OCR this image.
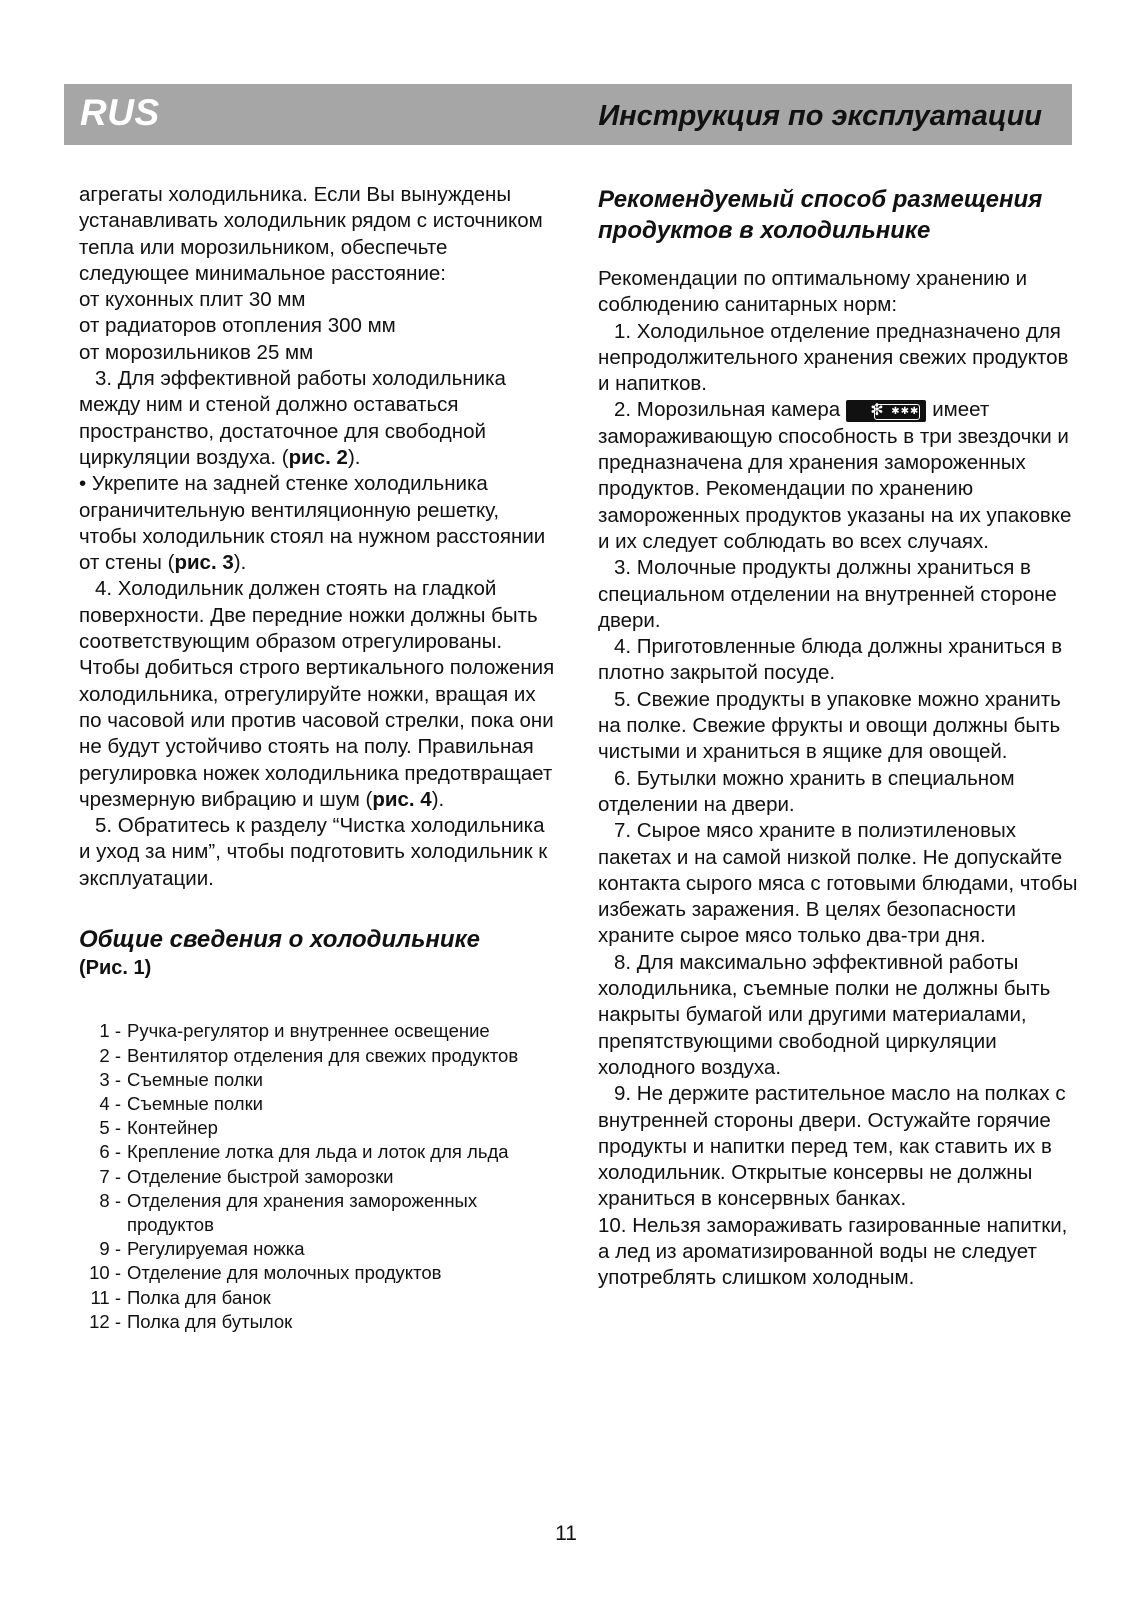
RUS	Инструкция по эксплуатации

агрегаты холодильника. Если Вы вынуждены устанавливать холодильник рядом с источником тепла или морозильником, обеспечьте следующее минимальное расстояние:

от кухонных плит 30 мм

от радиаторов отопления 300 мм

от морозильников 25 мм

3. Для эффективной работы холодильника между ним и стеной должно оставаться пространство, достаточное для свободной циркуляции воздуха. (рис. 2).

• Укрепите на задней стенке холодильника ограничительную вентиляционную решетку, чтобы холодильник стоял на нужном расстоянии от стены (рис. 3).

4. Холодильник должен стоять на гладкой поверхности. Две передние ножки должны быть соответствующим образом отрегулированы. Чтобы добиться строго вертикального положения холодильника, отрегулируйте ножки, вращая их по часовой или против часовой стрелки, пока они не будут устойчиво стоять на полу. Правильная регулировка ножек холодильника предотвращает чрезмерную вибрацию и шум (рис. 4).

5. Обратитесь к разделу “Чистка холодильника и уход за ним”, чтобы подготовить холодильник к эксплуатации.

Общие сведения о холодильнике

(Рис. 1)

1 - Ручка-регулятор и внутреннее освещение
2 - Вентилятор отделения для свежих продуктов
3 - Съемные полки
4 - Съемные полки
5 - Контейнер
6 - Крепление лотка для льда и лоток для льда
7 - Отделение быстрой заморозки
8 - Отделения для хранения замороженных продуктов
9 - Регулируемая ножка
10 - Отделение для молочных продуктов
11 - Полка для банок
12 - Полка для бутылок
Рекомендуемый способ размещения продуктов в холодильнике

Рекомендации по оптимальному хранению и соблюдению санитарных норм:

1. Холодильное отделение предназначено для непродолжительного хранения свежих продуктов и напитков.

2. Морозильная камера	✻ ✱✱✱ имеет замораживающую способность в три звездочки и предназначена для хранения замороженных продуктов. Рекомендации по хранению замороженных продуктов указаны на их упаковке и их следует соблюдать во всех случаях.

3. Молочные продукты должны храниться в специальном отделении на внутренней стороне двери.

4. Приготовленные блюда должны храниться в плотно закрытой посуде.

5. Свежие продукты в упаковке можно хранить на полке. Свежие фрукты и овощи должны быть чистыми и храниться в ящике для овощей.

6. Бутылки можно хранить в специальном отделении на двери.

7. Сырое мясо храните в полиэтиленовых пакетах и на самой низкой полке. Не допускайте контакта сырого мяса с готовыми блюдами, чтобы избежать заражения. В целях безопасности храните сырое мясо только два-три дня.

8. Для максимально эффективной работы холодильника, съемные полки не должны быть накрыты бумагой или другими материалами, препятствующими свободной циркуляции холодного воздуха.

9. Не держите растительное масло на полках с внутренней стороны двери. Остужайте горячие продукты и напитки перед тем, как ставить их в холодильник. Открытые консервы не должны храниться в консервных банках.

10. Нельзя замораживать газированные напитки, а лед из ароматизированной воды не следует употреблять слишком холодным.

11
